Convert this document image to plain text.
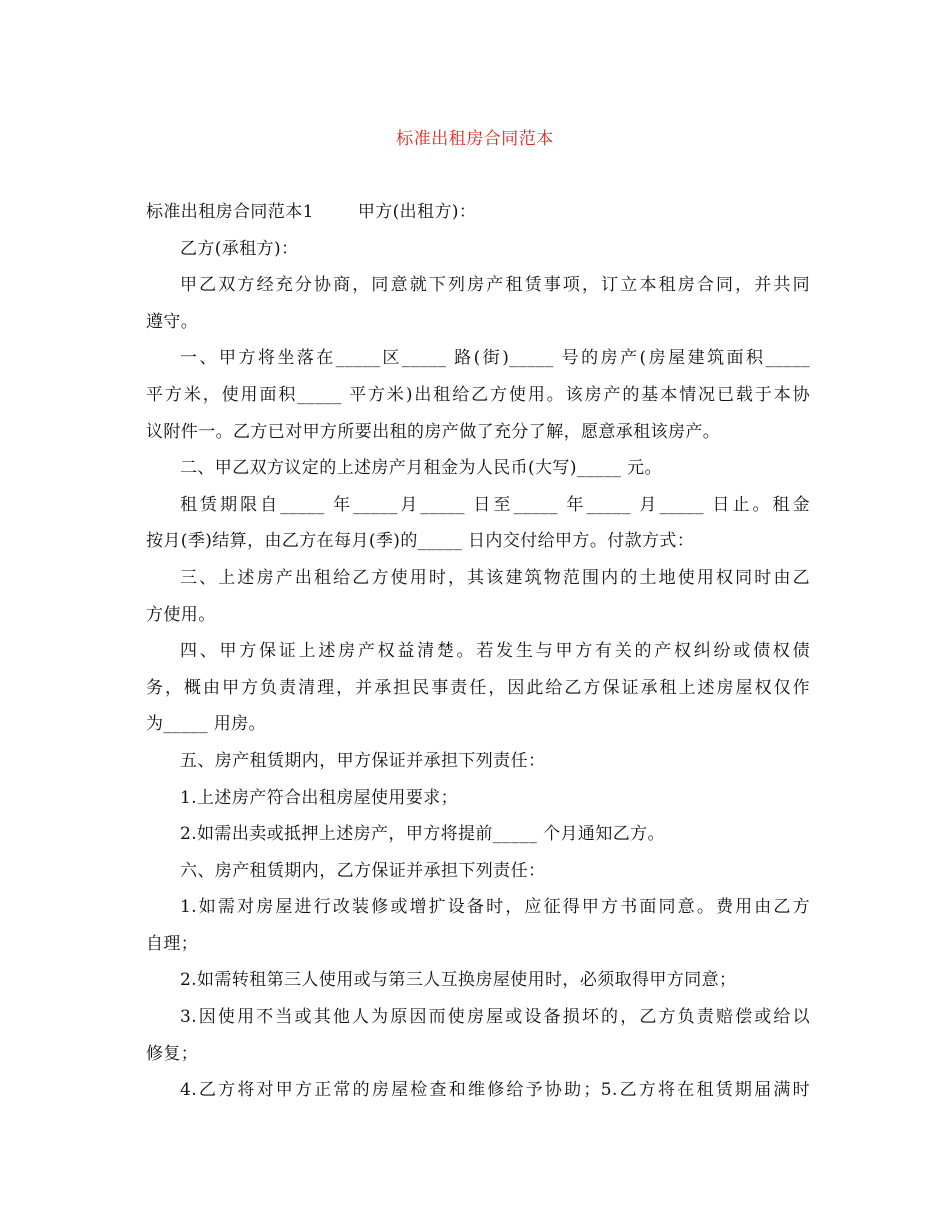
标准出租房合同范本
标准出租房合同范本1	甲方(出租方)：
乙方(承租方)：
甲乙双方经充分协商，同意就下列房产租赁事项，订立本租房合同，并共同
遵守。
一、甲方将坐落在_____区_____ 路(街)_____ 号的房产(房屋建筑面积_____
平方米，使用面积_____ 平方米)出租给乙方使用。该房产的基本情况已载于本协
议附件一。乙方已对甲方所要出租的房产做了充分了解，愿意承租该房产。
二、甲乙双方议定的上述房产月租金为人民币(大写)_____ 元。
租赁期限自_____ 年_____月_____ 日至_____ 年_____ 月_____ 日止。租金
按月(季)结算，由乙方在每月(季)的_____ 日内交付给甲方。付款方式：
三、上述房产出租给乙方使用时，其该建筑物范围内的土地使用权同时由乙
方使用。
四、甲方保证上述房产权益清楚。若发生与甲方有关的产权纠纷或债权债
务，概由甲方负责清理，并承担民事责任，因此给乙方保证承租上述房屋权仅作
为_____ 用房。
五、房产租赁期内，甲方保证并承担下列责任：
1.上述房产符合出租房屋使用要求；
2.如需出卖或抵押上述房产，甲方将提前_____ 个月通知乙方。
六、房产租赁期内，乙方保证并承担下列责任：
1.如需对房屋进行改装修或增扩设备时，应征得甲方书面同意。费用由乙方
自理；
2.如需转租第三人使用或与第三人互换房屋使用时，必须取得甲方同意；
3.因使用不当或其他人为原因而使房屋或设备损坏的，乙方负责赔偿或给以
修复；
4.乙方将对甲方正常的房屋检查和维修给予协助；5.乙方将在租赁期届满时
